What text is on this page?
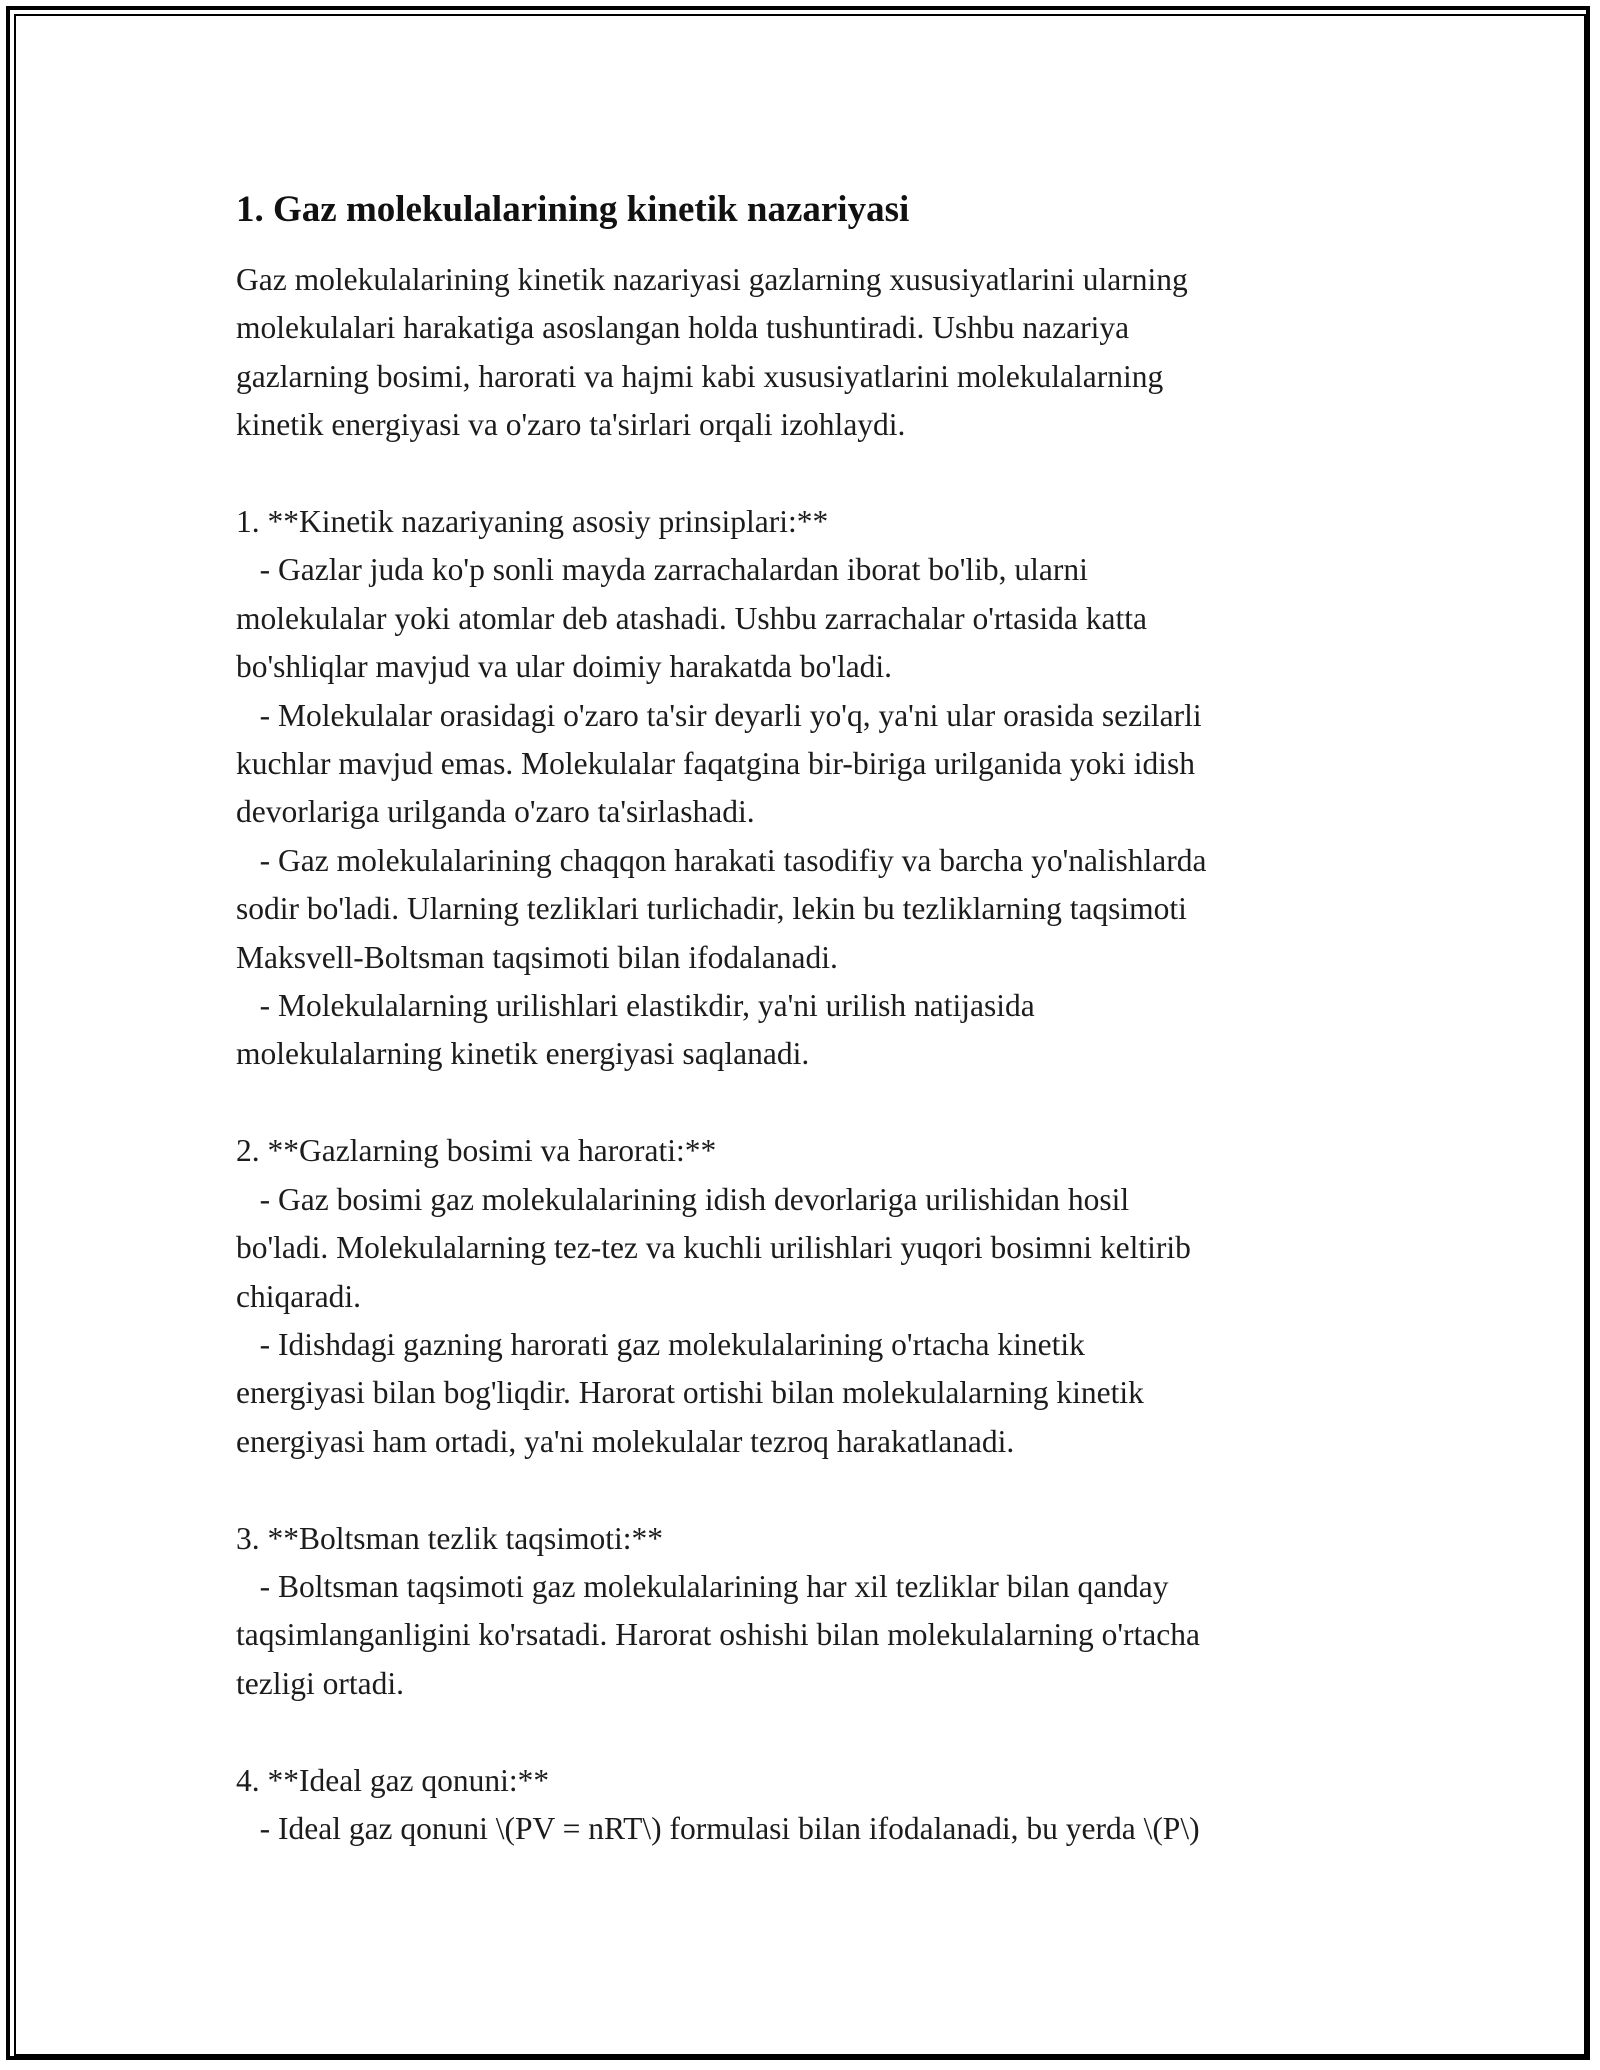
1. Gaz molekulalarining kinetik nazariyasi

Gaz molekulalarining kinetik nazariyasi gazlarning xususiyatlarini ularning
molekulalari harakatiga asoslangan holda tushuntiradi. Ushbu nazariya
gazlarning bosimi, harorati va hajmi kabi xususiyatlarini molekulalarning
kinetik energiyasi va o'zaro ta'sirlari orqali izohlaydi.

1. **Kinetik nazariyaning asosiy prinsiplari:**

- Gazlar juda ko'p sonli mayda zarrachalardan iborat bo'lib, ularni
molekulalar yoki atomlar deb atashadi. Ushbu zarrachalar o'rtasida katta
bo'shliqlar mavjud va ular doimiy harakatda bo'ladi.

- Molekulalar orasidagi o'zaro ta'sir deyarli yo'q, ya'ni ular orasida sezilarli
kuchlar mavjud emas. Molekulalar faqatgina bir-biriga urilganida yoki idish
devorlariga urilganda o'zaro ta'sirlashadi.

- Gaz molekulalarining chaqqon harakati tasodifiy va barcha yo'nalishlarda
sodir bo'ladi. Ularning tezliklari turlichadir, lekin bu tezliklarning taqsimoti
Maksvell-Boltsman taqsimoti bilan ifodalanadi.

- Molekulalarning urilishlari elastikdir, ya'ni urilish natijasida
molekulalarning kinetik energiyasi saqlanadi.

2. **Gazlarning bosimi va harorati:**

- Gaz bosimi gaz molekulalarining idish devorlariga urilishidan hosil
bo'ladi. Molekulalarning tez-tez va kuchli urilishlari yuqori bosimni keltirib
chiqaradi.

- Idishdagi gazning harorati gaz molekulalarining o'rtacha kinetik
energiyasi bilan bog'liqdir. Harorat ortishi bilan molekulalarning kinetik
energiyasi ham ortadi, ya'ni molekulalar tezroq harakatlanadi.

3. **Boltsman tezlik taqsimoti:**

- Boltsman taqsimoti gaz molekulalarining har xil tezliklar bilan qanday
taqsimlanganligini ko'rsatadi. Harorat oshishi bilan molekulalarning o'rtacha
tezligi ortadi.

4. **Ideal gaz qonuni:**

- Ideal gaz qonuni \(PV = nRT\) formulasi bilan ifodalanadi, bu yerda \(P\)
